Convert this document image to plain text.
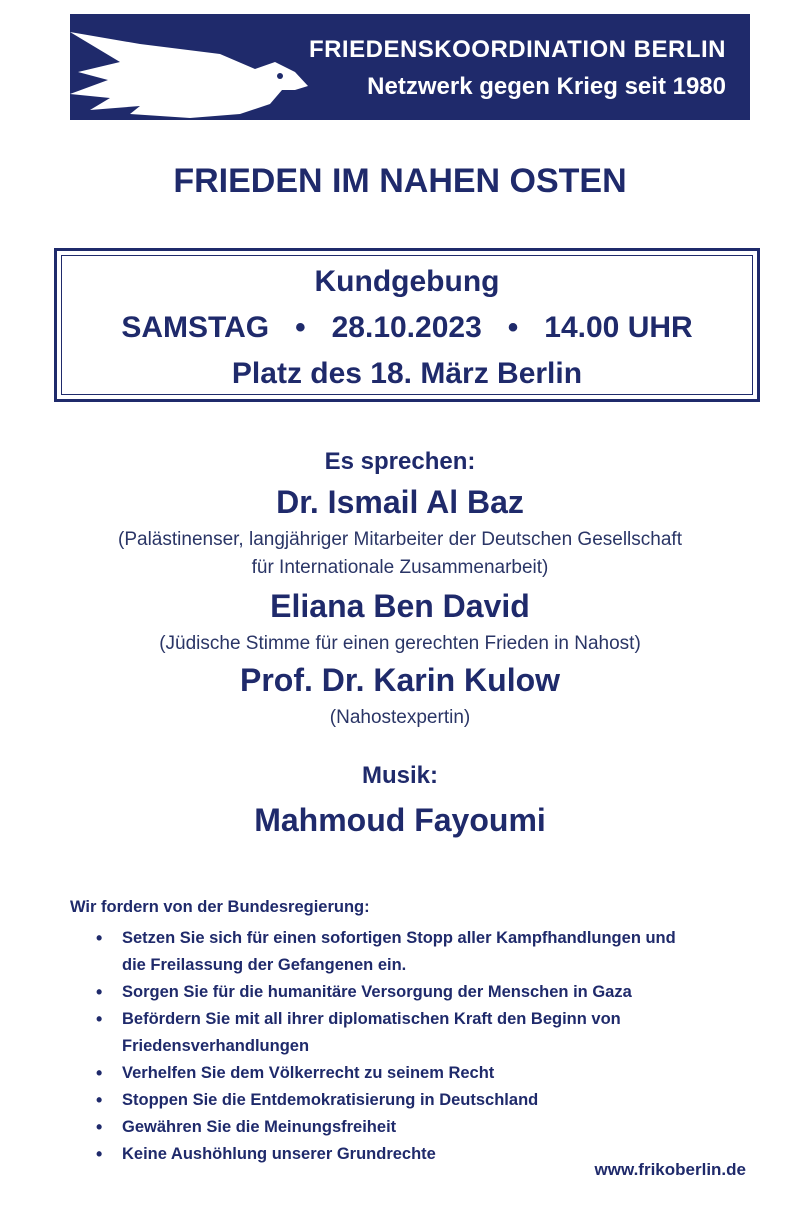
FRIEDENSKOORDINATION BERLIN
Netzwerk gegen Krieg seit 1980
FRIEDEN IM NAHEN OSTEN
Kundgebung
SAMSTAG • 28.10.2023 • 14.00 UHR
Platz des 18. März Berlin
Es sprechen:
Dr. Ismail Al Baz
(Palästinenser, langjähriger Mitarbeiter der Deutschen Gesellschaft
für Internationale Zusammenarbeit)
Eliana Ben David
(Jüdische Stimme für einen gerechten Frieden in Nahost)
Prof. Dr. Karin Kulow
(Nahostexpertin)
Musik:
Mahmoud Fayoumi
Wir fordern von der Bundesregierung:
• Setzen Sie sich für einen sofortigen Stopp aller Kampfhandlungen und
die Freilassung der Gefangenen ein.
• Sorgen Sie für die humanitäre Versorgung der Menschen in Gaza
• Befördern Sie mit all ihrer diplomatischen Kraft den Beginn von
Friedensverhandlungen
• Verhelfen Sie dem Völkerrecht zu seinem Recht
• Stoppen Sie die Entdemokratisierung in Deutschland
• Gewähren Sie die Meinungsfreiheit
• Keine Aushöhlung unserer Grundrechte
www.frikoberlin.de
